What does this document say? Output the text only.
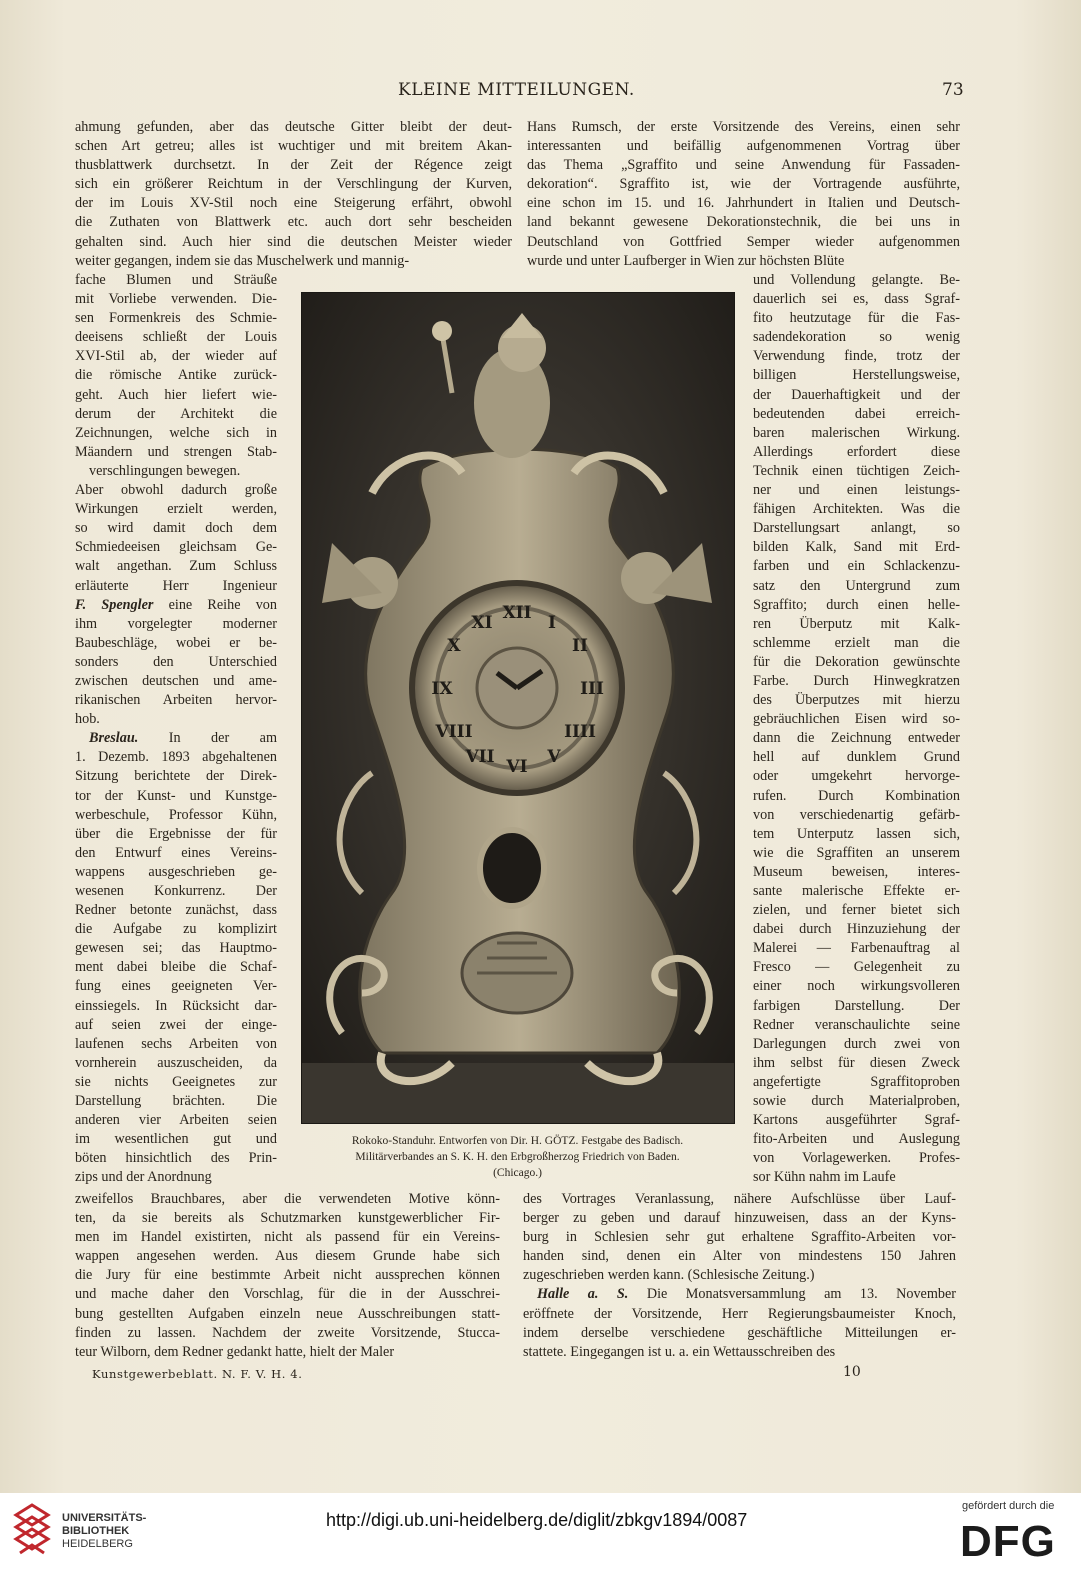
KLEINE MITTEILUNGEN.	73
ahmung gefunden, aber das deutsche Gitter bleibt der deut-
schen Art getreu; alles ist wuchtiger und mit breitem Akan-
thusblattwerk durchsetzt. In der Zeit der Régence zeigt
sich ein größerer Reichtum in der Verschlingung der Kurven,
der im Louis XV-Stil noch eine Steigerung erfährt, obwohl
die Zuthaten von Blattwerk etc. auch dort sehr bescheiden
gehalten sind. Auch hier sind die deutschen Meister wieder
weiter gegangen, indem sie das Muschelwerk und mannig-
Hans Rumsch, der erste Vorsitzende des Vereins, einen sehr
interessanten und beifällig aufgenommenen Vortrag über
das Thema „Sgraffito und seine Anwendung für Fassaden-
dekoration“. Sgraffito ist, wie der Vortragende ausführte,
eine schon im 15. und 16. Jahrhundert in Italien und Deutsch-
land bekannt gewesene Dekorationstechnik, die bei uns in
Deutschland von Gottfried Semper wieder aufgenommen
wurde und unter Laufberger in Wien zur höchsten Blüte
fache Blumen und Sträuße
mit Vorliebe verwenden. Die-
sen Formenkreis des Schmie-
deeisens schließt der Louis
XVI-Stil ab, der wieder auf
die römische Antike zurück-
geht. Auch hier liefert wie-
derum der Architekt die
Zeichnungen, welche sich in
Mäandern und strengen Stab-
verschlingungen bewegen.
Aber obwohl dadurch große
Wirkungen erzielt werden,
so wird damit doch dem
Schmiedeeisen gleichsam Ge-
walt angethan. Zum Schluss
erläuterte Herr Ingenieur
F. Spengler eine Reihe von
ihm vorgelegter moderner
Baubeschläge, wobei er be-
sonders den Unterschied
zwischen deutschen und ame-
rikanischen Arbeiten hervor-
hob.
Breslau. In der am
1. Dezemb. 1893 abgehaltenen
Sitzung berichtete der Direk-
tor der Kunst- und Kunstge-
werbeschule, Professor Kühn,
über die Ergebnisse der für
den Entwurf eines Vereins-
wappens ausgeschrieben ge-
wesenen Konkurrenz. Der
Redner betonte zunächst, dass
die Aufgabe zu komplizirt
gewesen sei; das Hauptmo-
ment dabei bleibe die Schaf-
fung eines geeigneten Ver-
einssiegels. In Rücksicht dar-
auf seien zwei der einge-
laufenen sechs Arbeiten von
vornherein auszuscheiden, da
sie nichts Geeignetes zur
Darstellung brächten. Die
anderen vier Arbeiten seien
im wesentlichen gut und
böten hinsichtlich des Prin-
zips und der Anordnung
und Vollendung gelangte. Be-
dauerlich sei es, dass Sgraf-
fito heutzutage für die Fas-
sadendekoration so wenig
Verwendung finde, trotz der
billigen Herstellungsweise,
der Dauerhaftigkeit und der
bedeutenden dabei erreich-
baren malerischen Wirkung.
Allerdings erfordert diese
Technik einen tüchtigen Zeich-
ner und einen leistungs-
fähigen Architekten. Was die
Darstellungsart anlangt, so
bilden Kalk, Sand mit Erd-
farben und ein Schlackenzu-
satz den Untergrund zum
Sgraffito; durch einen helle-
ren Überputz mit Kalk-
schlemme erzielt man die
für die Dekoration gewünschte
Farbe. Durch Hinwegkratzen
des Überputzes mit hierzu
gebräuchlichen Eisen wird so-
dann die Zeichnung entweder
hell auf dunklem Grund
oder umgekehrt hervorge-
rufen. Durch Kombination
von verschiedenartig gefärb-
tem Unterputz lassen sich,
wie die Sgraffiten an unserem
Museum beweisen, interes-
sante malerische Effekte er-
zielen, und ferner bietet sich
dabei durch Hinzuziehung der
Malerei — Farbenauftrag al
Fresco — Gelegenheit zu
einer noch wirkungsvolleren
farbigen Darstellung. Der
Redner veranschaulichte seine
Darlegungen durch zwei von
ihm selbst für diesen Zweck
angefertigte Sgraffitoproben
sowie durch Materialproben,
Kartons ausgeführter Sgraf-
fito-Arbeiten und Auslegung
von Vorlagewerken. Profes-
sor Kühn nahm im Laufe
zweifellos Brauchbares, aber die verwendeten Motive könn-
ten, da sie bereits als Schutzmarken kunstgewerblicher Fir-
men im Handel existirten, nicht als passend für ein Vereins-
wappen angesehen werden. Aus diesem Grunde habe sich
die Jury für eine bestimmte Arbeit nicht aussprechen können
und mache daher den Vorschlag, für die in der Ausschrei-
bung gestellten Aufgaben einzeln neue Ausschreibungen statt-
finden zu lassen. Nachdem der zweite Vorsitzende, Stucca-
teur Wilborn, dem Redner gedankt hatte, hielt der Maler
des Vortrages Veranlassung, nähere Aufschlüsse über Lauf-
berger zu geben und darauf hinzuweisen, dass an der Kyns-
burg in Schlesien sehr gut erhaltene Sgraffito-Arbeiten vor-
handen sind, denen ein Alter von mindestens 150 Jahren
zugeschrieben werden kann. (Schlesische Zeitung.)
Halle a. S. Die Monatsversammlung am 13. November
eröffnete der Vorsitzende, Herr Regierungsbaumeister Knoch,
indem derselbe verschiedene geschäftliche Mitteilungen er-
stattete. Eingegangen ist u. a. ein Wettausschreiben des
XII I
II
III
IIII
V
VI
VII
VIII
IX
X
XI
Rokoko-Standuhr. Entworfen von Dir. H. GÖTZ. Festgabe des Badisch.
Militärverbandes an S. K. H. den Erbgroßherzog Friedrich von Baden.
(Chicago.)
Kunstgewerbeblatt. N. F. V. H. 4.	10
UNIVERSITÄTS-
BIBLIOTHEK
HEIDELBERG
http://digi.ub.uni-heidelberg.de/diglit/zbkgv1894/0087
gefördert durch die
DFG
